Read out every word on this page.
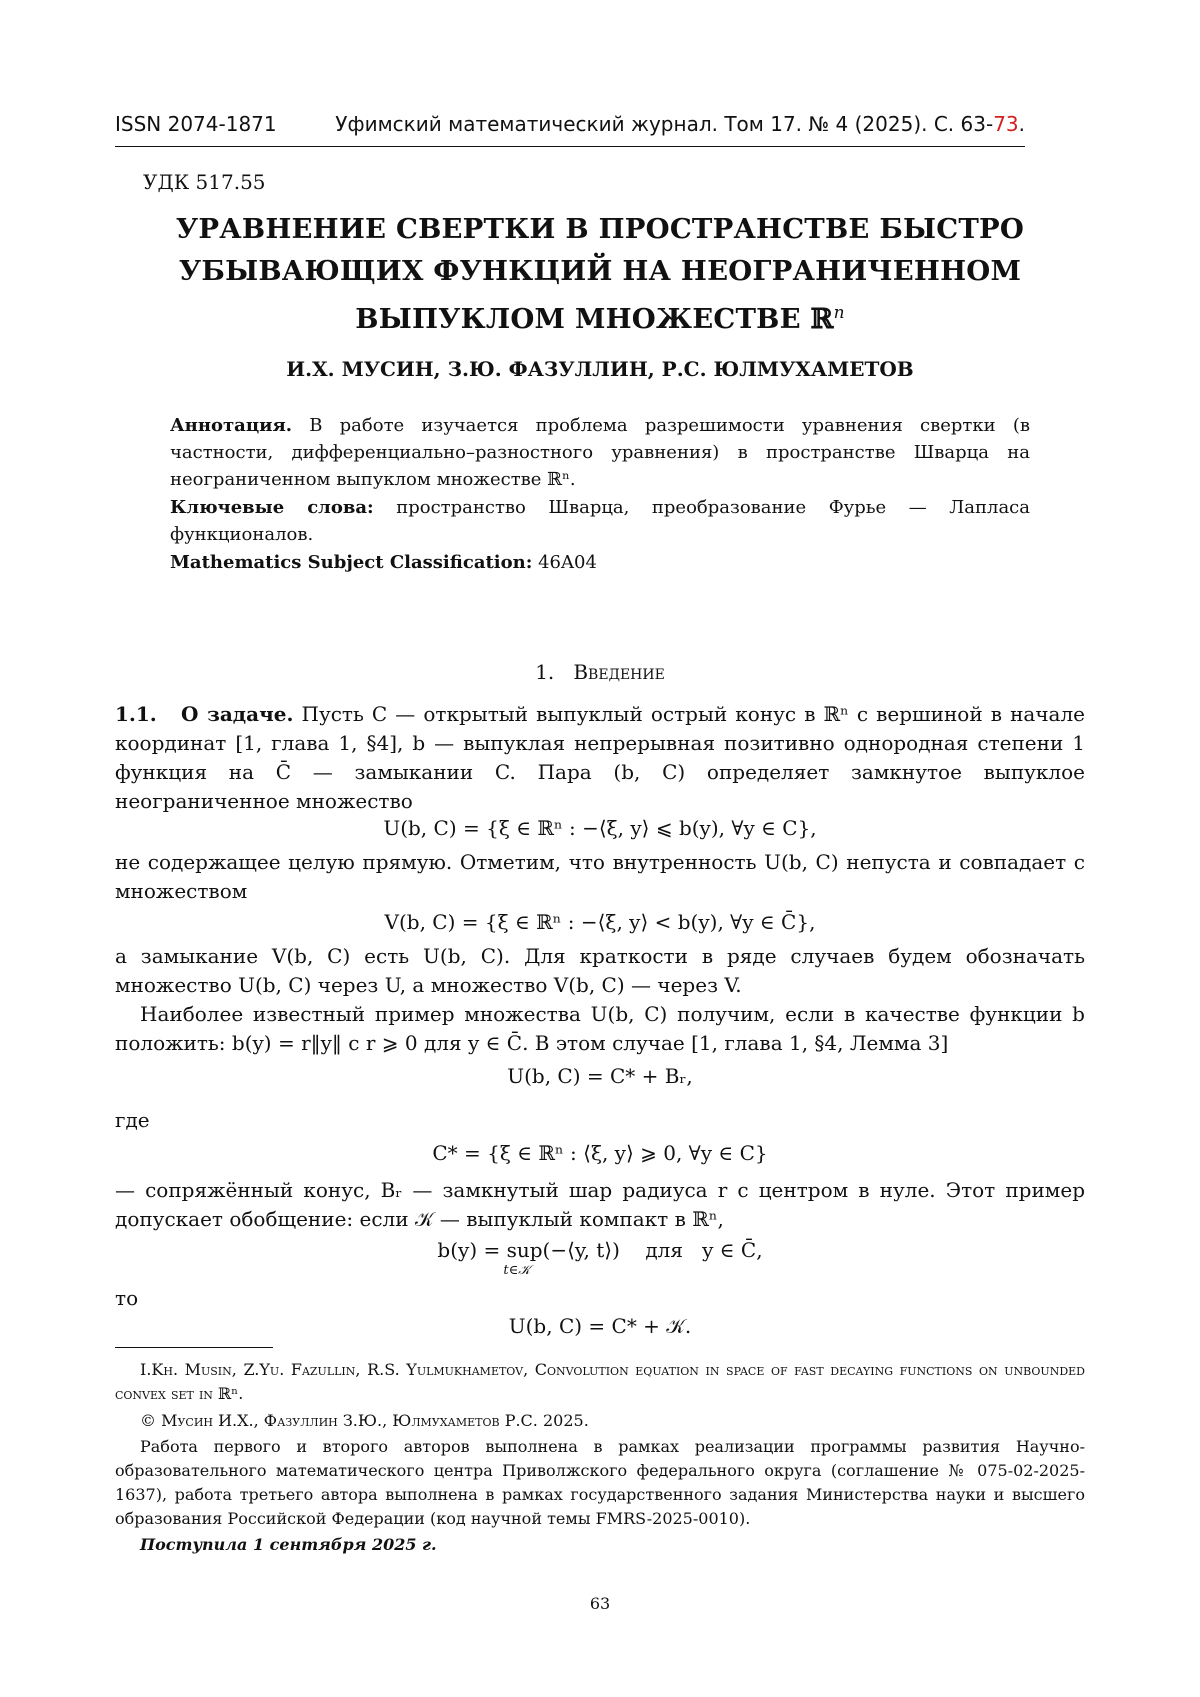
ISSN 2074-1871	Уфимский математический журнал. Том 17. № 4 (2025). С. 63-73.
УДК 517.55
УРАВНЕНИЕ СВЕРТКИ В ПРОСТРАНСТВЕ БЫСТРО
УБЫВАЮЩИХ ФУНКЦИЙ НА НЕОГРАНИЧЕННОМ
ВЫПУКЛОМ МНОЖЕСТВЕ ℝ$^n$
И.Х. МУСИН, З.Ю. ФАЗУЛЛИН, Р.С. ЮЛМУХАМЕТОВ
Аннотация. В работе изучается проблема разрешимости уравнения свертки (в частности, дифференциально–разностного уравнения) в пространстве Шварца на неограниченном выпуклом множестве ℝⁿ.
Ключевые слова: пространство Шварца, преобразование Фурье — Лапласа функционалов.
Mathematics Subject Classification: 46A04
1. Введение
1.1. О задаче. Пусть C — открытый выпуклый острый конус в ℝⁿ с вершиной в начале координат [1, глава 1, §4], b — выпуклая непрерывная позитивно однородная степени 1 функция на C̄ — замыкании C. Пара (b, C) определяет замкнутое выпуклое неограниченное множество
U(b, C) = {ξ ∈ ℝⁿ : −⟨ξ, y⟩ ⩽ b(y), ∀y ∈ C},
не содержащее целую прямую. Отметим, что внутренность U(b, C) непуста и совпадает с множеством
V(b, C) = {ξ ∈ ℝⁿ : −⟨ξ, y⟩ < b(y), ∀y ∈ C̄},
а замыкание V(b, C) есть U(b, C). Для краткости в ряде случаев будем обозначать множество U(b, C) через U, а множество V(b, C) — через V.
Наиболее известный пример множества U(b, C) получим, если в качестве функции b положить: b(y) = r‖y‖ с r ⩾ 0 для y ∈ C̄. В этом случае [1, глава 1, §4, Лемма 3]
U(b, C) = C* + Bᵣ,
где
C* = {ξ ∈ ℝⁿ : ⟨ξ, y⟩ ⩾ 0, ∀y ∈ C}
— сопряжённый конус, Bᵣ — замкнутый шар радиуса r с центром в нуле. Этот пример допускает обобщение: если 𝒦 — выпуклый компакт в ℝⁿ,
b(y) = sup(−⟨y, t⟩)
t∈𝒦
для y ∈ C̄,
то
U(b, C) = C* + 𝒦.
I.Kh. Musin, Z.Yu. Fazullin, R.S. Yulmukhametov, Convolution equation in space of fast decaying functions on unbounded convex set in ℝⁿ.
© Мусин И.Х., Фазуллин З.Ю., Юлмухаметов Р.С. 2025.
Работа первого и второго авторов выполнена в рамках реализации программы развития Научно-образовательного математического центра Приволжского федерального округа (соглашение № 075-02-2025-1637), работа третьего автора выполнена в рамках государственного задания Министерства науки и высшего образования Российской Федерации (код научной темы FMRS-2025-0010).
Поступила 1 сентября 2025 г.
63
